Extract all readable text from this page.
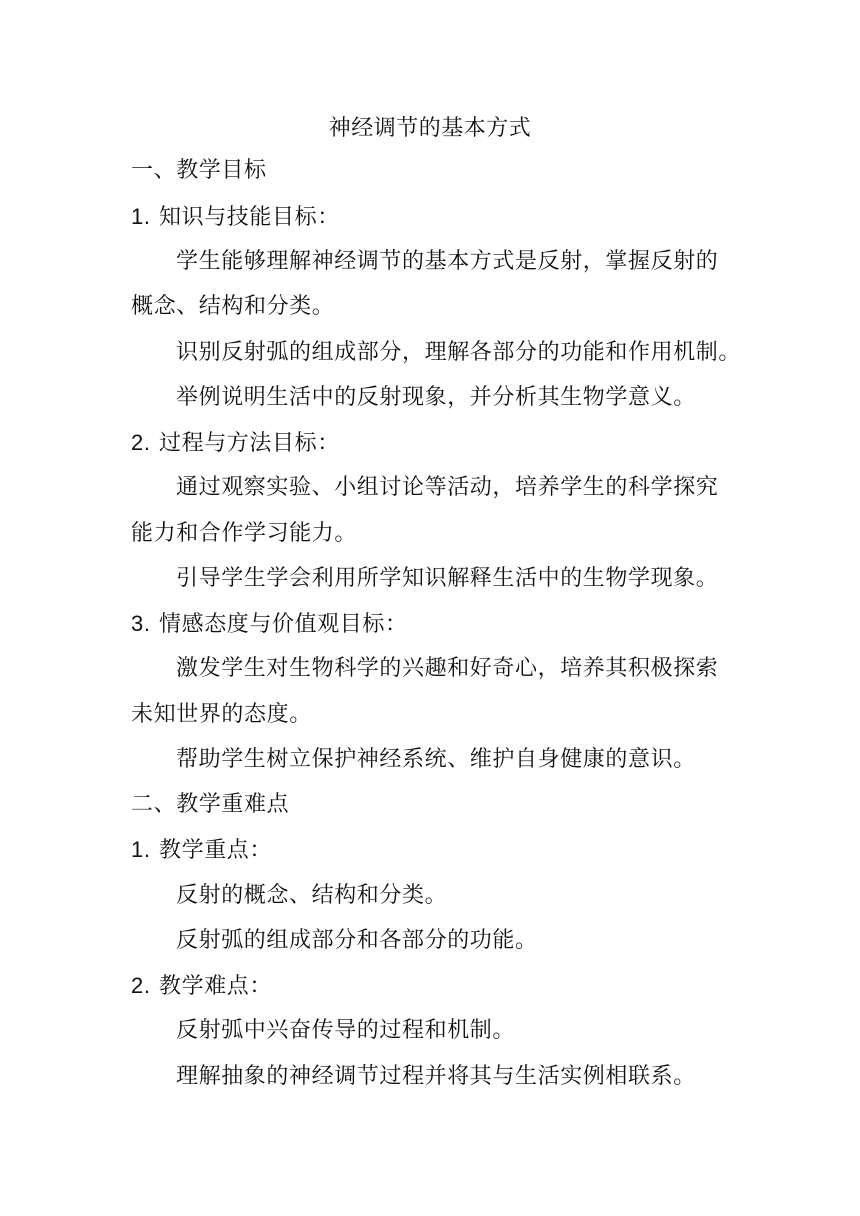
神经调节的基本方式
一、教学目标
1. 知识与技能目标：
学生能够理解神经调节的基本方式是反射，掌握反射的
概念、结构和分类。
识别反射弧的组成部分，理解各部分的功能和作用机制。
举例说明生活中的反射现象，并分析其生物学意义。
2. 过程与方法目标：
通过观察实验、小组讨论等活动，培养学生的科学探究
能力和合作学习能力。
引导学生学会利用所学知识解释生活中的生物学现象。
3. 情感态度与价值观目标：
激发学生对生物科学的兴趣和好奇心，培养其积极探索
未知世界的态度。
帮助学生树立保护神经系统、维护自身健康的意识。
二、教学重难点
1. 教学重点：
反射的概念、结构和分类。
反射弧的组成部分和各部分的功能。
2. 教学难点：
反射弧中兴奋传导的过程和机制。
理解抽象的神经调节过程并将其与生活实例相联系。
